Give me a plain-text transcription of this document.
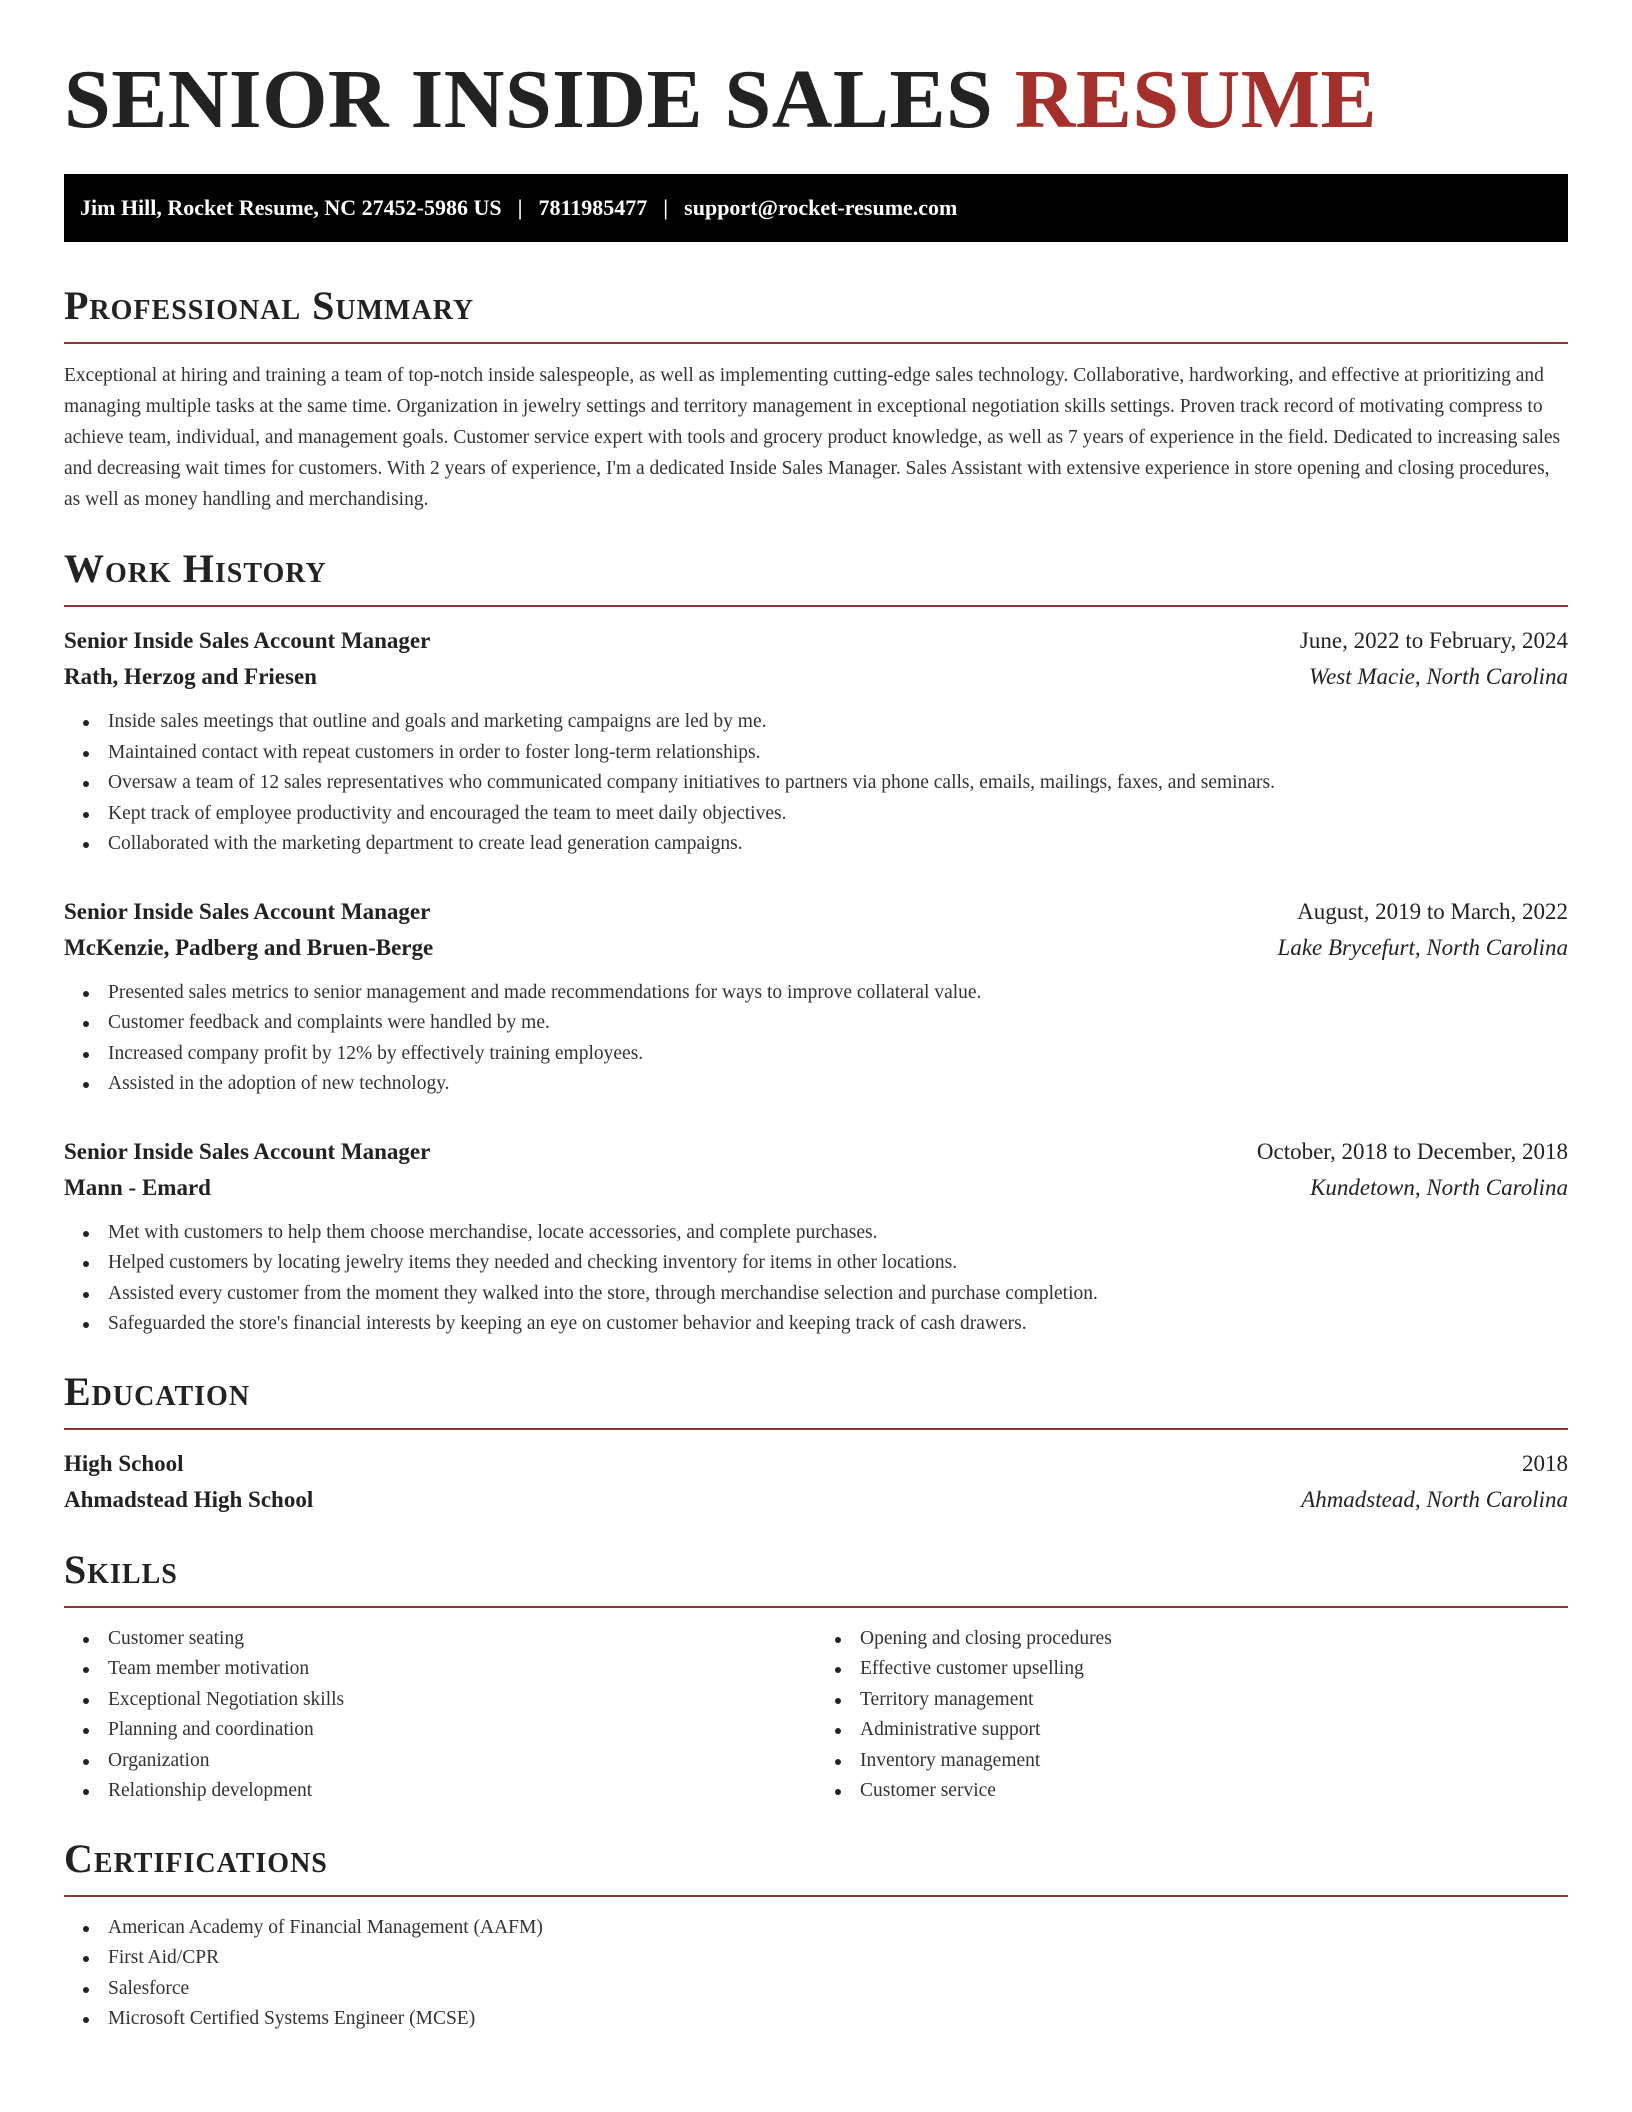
SENIOR INSIDE SALES RESUME
Jim Hill, Rocket Resume, NC 27452-5986 US | 7811985477 | support@rocket-resume.com
Professional Summary

Exceptional at hiring and training a team of top-notch inside salespeople, as well as implementing cutting-edge sales technology. Collaborative, hardworking, and effective at prioritizing and managing multiple tasks at the same time. Organization in jewelry settings and territory management in exceptional negotiation skills settings. Proven track record of motivating compress to achieve team, individual, and management goals. Customer service expert with tools and grocery product knowledge, as well as 7 years of experience in the field. Dedicated to increasing sales and decreasing wait times for customers. With 2 years of experience, I'm a dedicated Inside Sales Manager. Sales Assistant with extensive experience in store opening and closing procedures, as well as money handling and merchandising.

Work History
Senior Inside Sales Account Manager	June, 2022 to February, 2024
Rath, Herzog and Friesen	West Macie, North Carolina
Inside sales meetings that outline and goals and marketing campaigns are led by me.
Maintained contact with repeat customers in order to foster long-term relationships.
Oversaw a team of 12 sales representatives who communicated company initiatives to partners via phone calls, emails, mailings, faxes, and seminars.
Kept track of employee productivity and encouraged the team to meet daily objectives.
Collaborated with the marketing department to create lead generation campaigns.
Senior Inside Sales Account Manager	August, 2019 to March, 2022
McKenzie, Padberg and Bruen-Berge	Lake Brycefurt, North Carolina
Presented sales metrics to senior management and made recommendations for ways to improve collateral value.
Customer feedback and complaints were handled by me.
Increased company profit by 12% by effectively training employees.
Assisted in the adoption of new technology.
Senior Inside Sales Account Manager	October, 2018 to December, 2018
Mann - Emard	Kundetown, North Carolina
Met with customers to help them choose merchandise, locate accessories, and complete purchases.
Helped customers by locating jewelry items they needed and checking inventory for items in other locations.
Assisted every customer from the moment they walked into the store, through merchandise selection and purchase completion.
Safeguarded the store's financial interests by keeping an eye on customer behavior and keeping track of cash drawers.
Education
High School	2018
Ahmadstead High School	Ahmadstead, North Carolina
Skills
Customer seating
Team member motivation
Exceptional Negotiation skills
Planning and coordination
Organization
Relationship development
Opening and closing procedures
Effective customer upselling
Territory management
Administrative support
Inventory management
Customer service
Certifications
American Academy of Financial Management (AAFM)
First Aid/CPR
Salesforce
Microsoft Certified Systems Engineer (MCSE)
